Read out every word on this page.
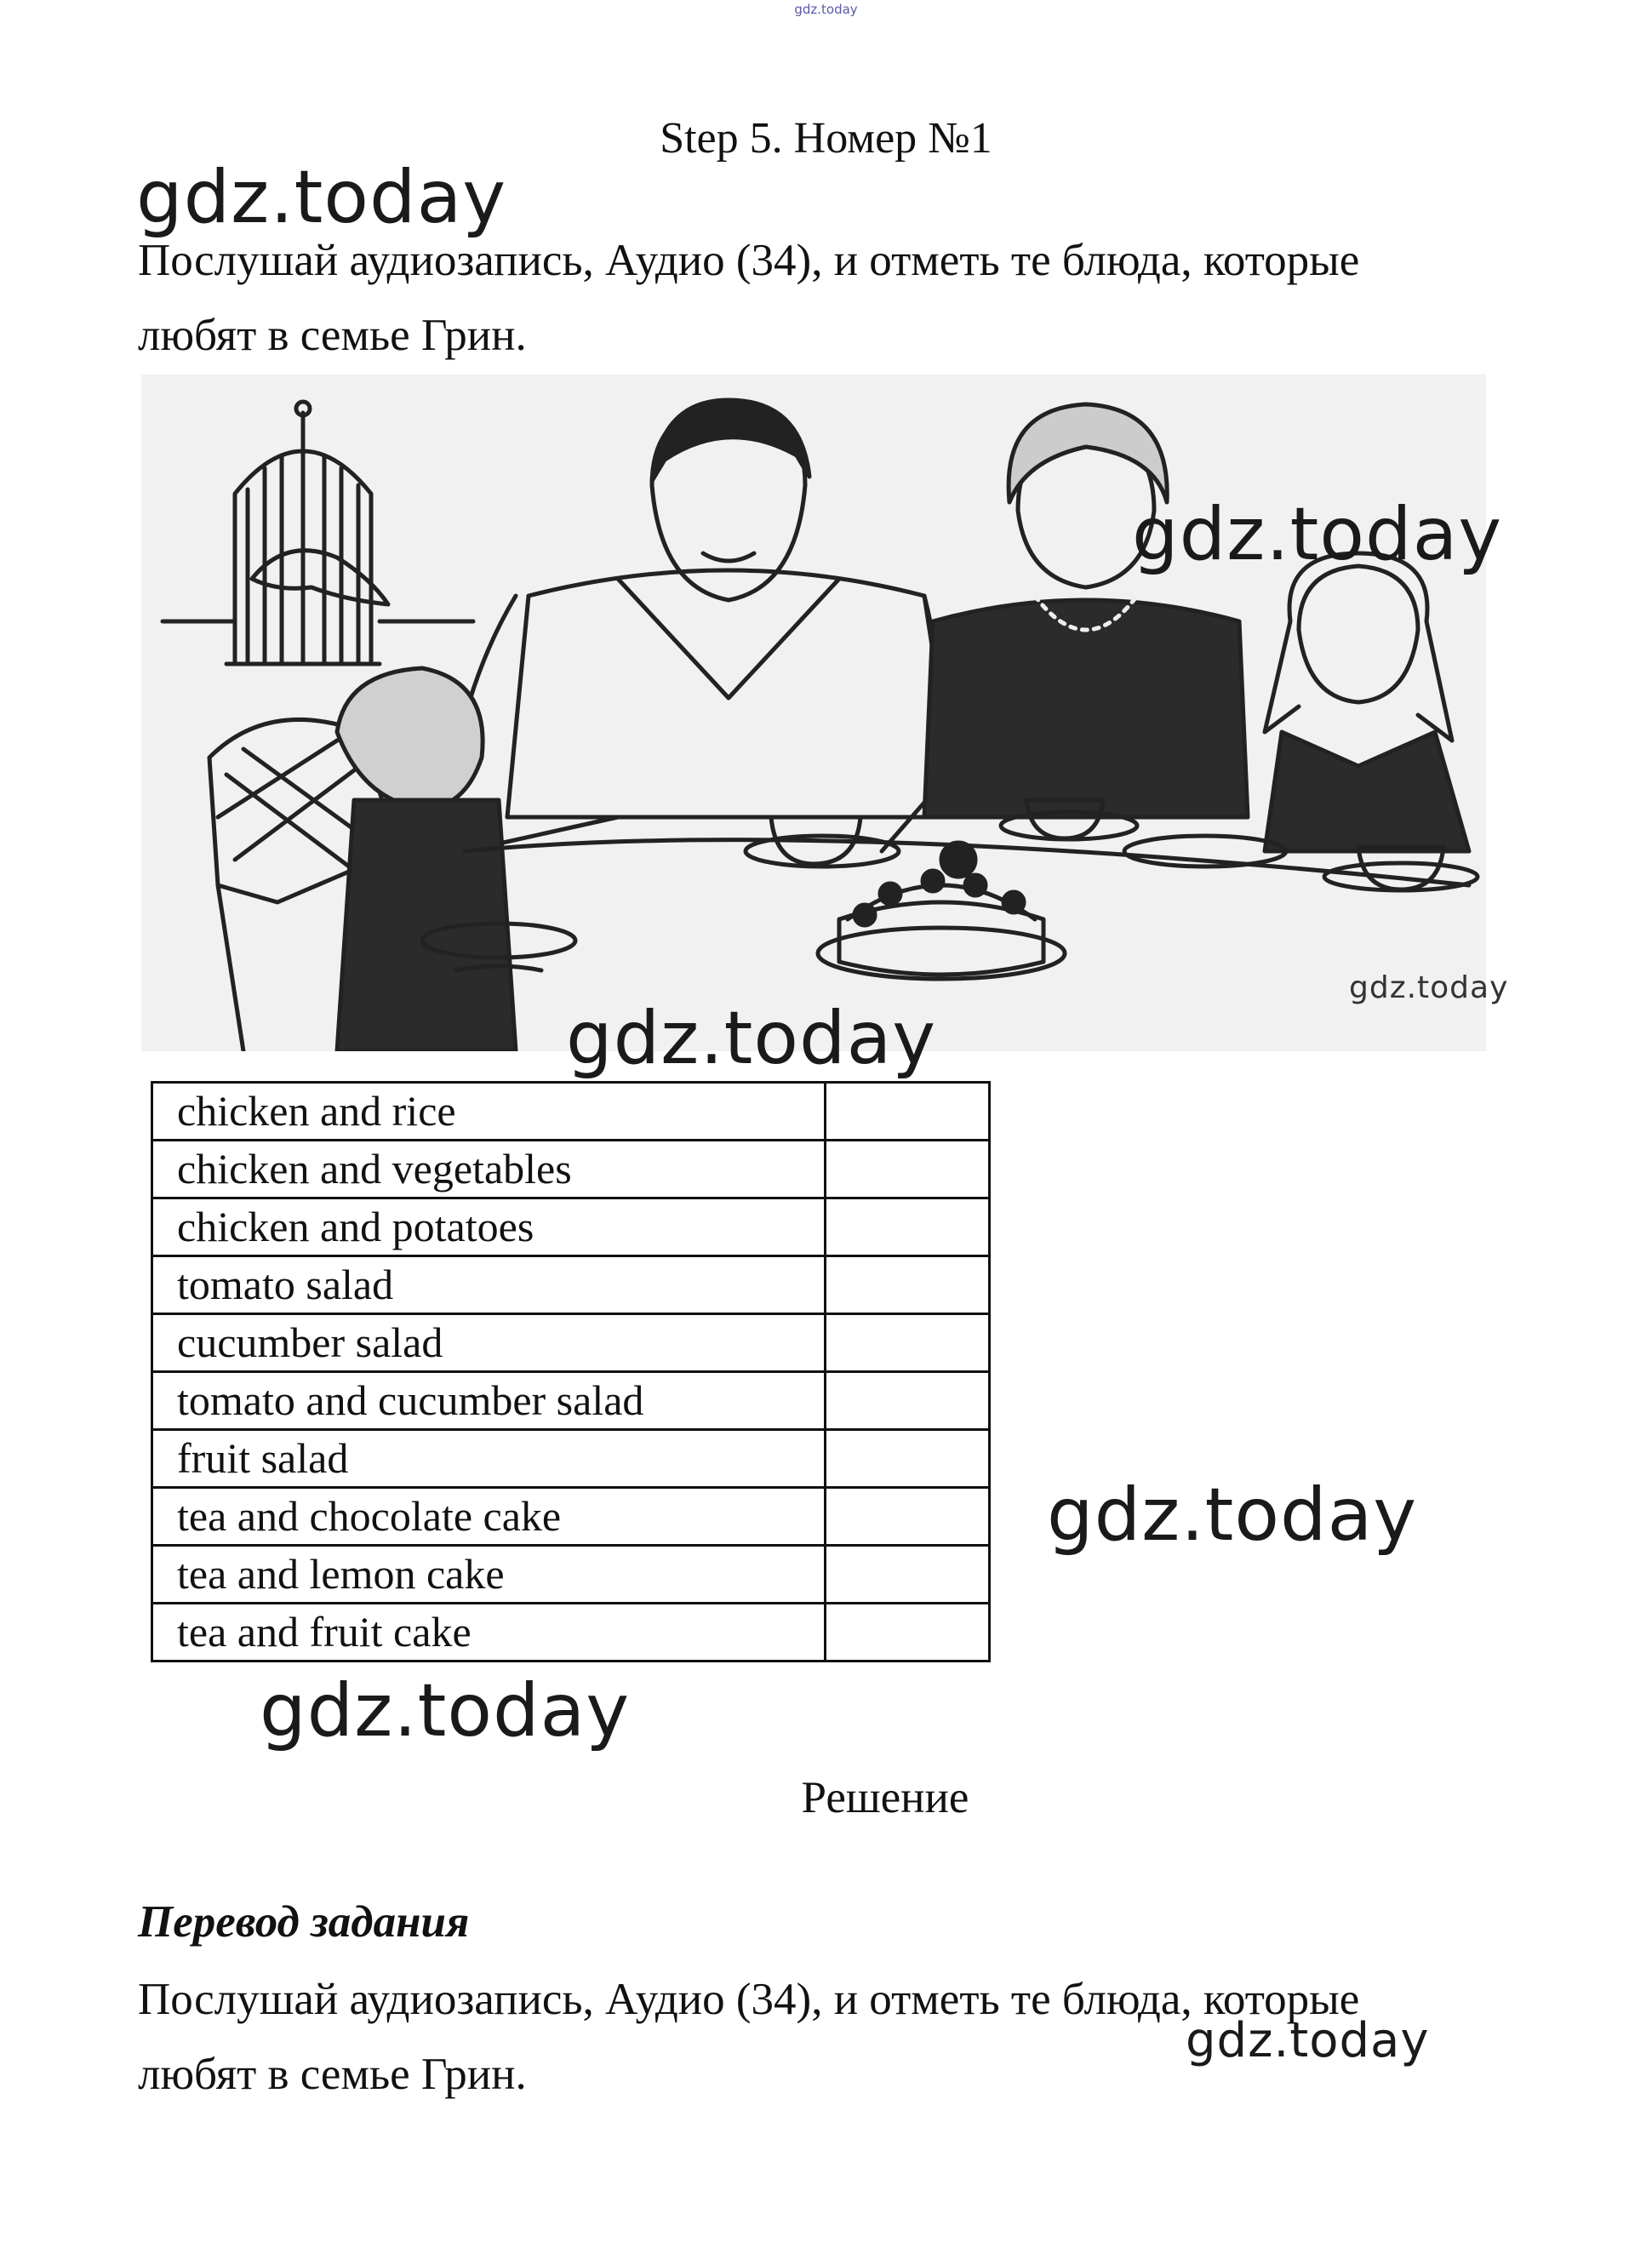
gdz.today
Step 5. Номер №1
gdz.today
Послушай аудиозапись, Аудио (34), и отметь те блюда, которые
любят в семье Грин.
gdz.today
gdz.today
gdz.today
chicken and rice	
chicken and vegetables	
chicken and potatoes	
tomato salad	
cucumber salad	
tomato and cucumber salad	
fruit salad	
tea and chocolate cake	
tea and lemon cake	
tea and fruit cake	
gdz.today
gdz.today
Решение
Перевод задания
Послушай аудиозапись, Аудио (34), и отметь те блюда, которые
любят в семье Грин.
gdz.today
